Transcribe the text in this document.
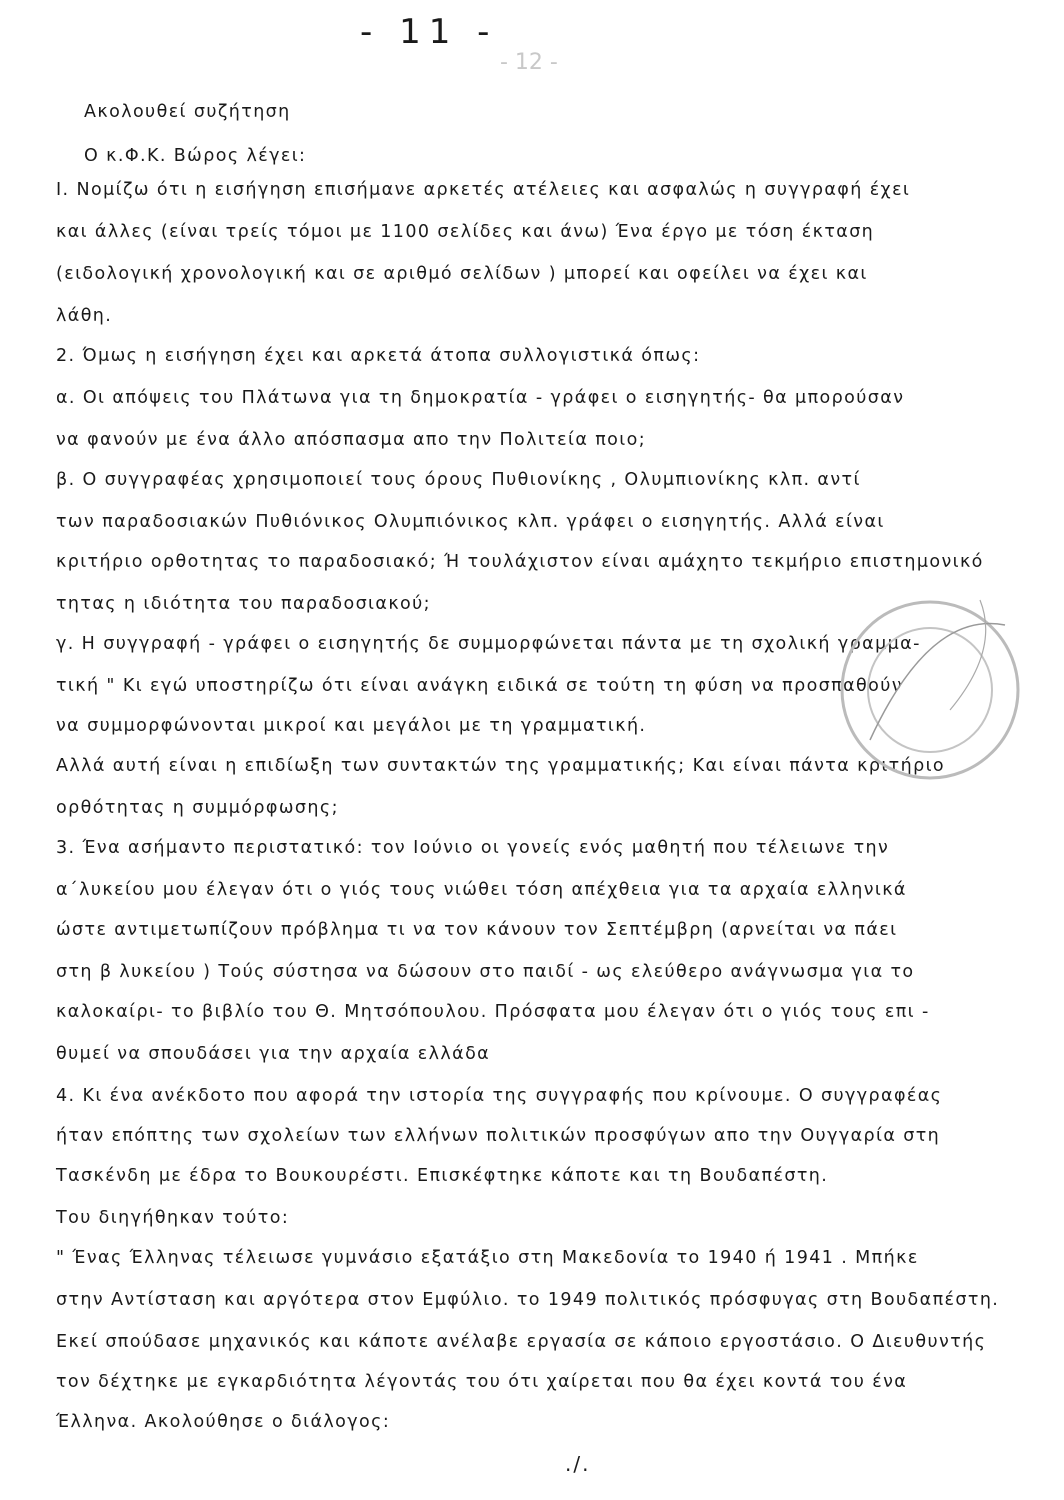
- 12 -
- 11 -
Ακολουθεί συζήτηση
Ο κ.Φ.Κ. Βώρος λέγει:
I. Νομίζω ότι η εισήγηση επισήμανε αρκετές ατέλειες και ασφαλώς η συγγραφή έχει
και άλλες (είναι τρείς τόμοι με 1100 σελίδες και άνω) Ένα έργο με τόση έκταση
(ειδολογική χρονολογική και σε αριθμό σελίδων ) μπορεί και οφείλει να έχει και
λάθη.
2. Όμως η εισήγηση έχει και αρκετά άτοπα συλλογιστικά όπως:
α. Οι απόψεις του Πλάτωνα για τη δημοκρατία - γράφει ο εισηγητής- θα μπορούσαν
να φανούν με ένα άλλο απόσπασμα απο την Πολιτεία ποιο;
β. Ο συγγραφέας χρησιμοποιεί τους όρους Πυθιονίκης , Ολυμπιονίκης κλπ. αντί
των παραδοσιακών Πυθιόνικος Ολυμπιόνικος κλπ. γράφει ο εισηγητής. Αλλά είναι
κριτήριο ορθοτητας το παραδοσιακό; Ή τουλάχιστον είναι αμάχητο τεκμήριο επιστημονικό
τητας η ιδιότητα του παραδοσιακού;
γ. Η συγγραφή - γράφει ο εισηγητής δε συμμορφώνεται πάντα με τη σχολική γραμμα-
τική " Κι εγώ υποστηρίζω ότι είναι ανάγκη ειδικά σε τούτη τη φύση να προσπαθούν
να συμμορφώνονται μικροί και μεγάλοι με τη γραμματική.
Αλλά αυτή είναι η επιδίωξη των συντακτών της γραμματικής; Και είναι πάντα κριτήριο
ορθότητας η συμμόρφωσης;
3. Ένα ασήμαντο περιστατικό: τον Ιούνιο οι γονείς ενός μαθητή που τέλειωνε την
α΄λυκείου μου έλεγαν ότι ο γιός τους νιώθει τόση απέχθεια για τα αρχαία ελληνικά
ώστε αντιμετωπίζουν πρόβλημα τι να τον κάνουν τον Σεπτέμβρη (αρνείται να πάει
στη β λυκείου ) Τούς σύστησα να δώσουν στο παιδί - ως ελεύθερο ανάγνωσμα για το
καλοκαίρι- το βιβλίο του Θ. Μητσόπουλου. Πρόσφατα μου έλεγαν ότι ο γιός τους επι -
θυμεί να σπουδάσει για την αρχαία ελλάδα
4. Κι ένα ανέκδοτο που αφορά την ιστορία της συγγραφής που κρίνουμε. Ο συγγραφέας
ήταν επόπτης των σχολείων των ελλήνων πολιτικών προσφύγων απο την Ουγγαρία στη
Τασκένδη με έδρα το Βουκουρέστι. Επισκέφτηκε κάποτε και τη Βουδαπέστη.
Του διηγήθηκαν τούτο:
" Ένας Έλληνας τέλειωσε γυμνάσιο εξατάξιο στη Μακεδονία το 1940 ή 1941 . Μπήκε
στην Αντίσταση και αργότερα στον Εμφύλιο. το 1949 πολιτικός πρόσφυγας στη Βουδαπέστη.
Εκεί σπούδασε μηχανικός και κάποτε ανέλαβε εργασία σε κάποιο εργοστάσιο. Ο Διευθυντής
τον δέχτηκε με εγκαρδιότητα λέγοντάς του ότι χαίρεται που θα έχει κοντά του ένα
Έλληνα. Ακολούθησε ο διάλογος:
./.
